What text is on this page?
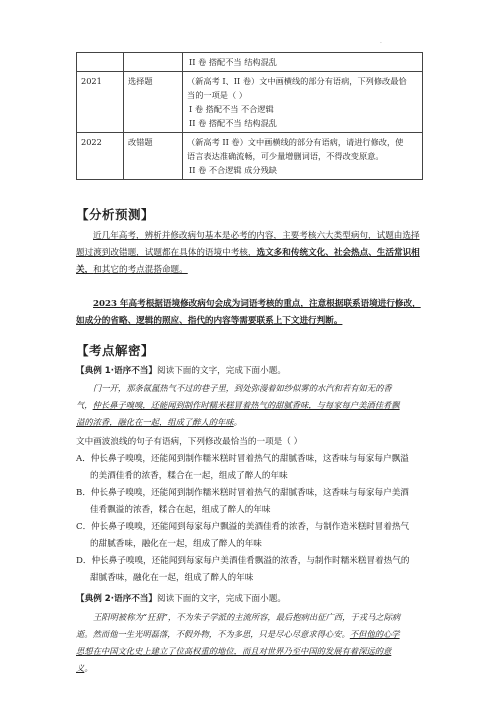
·

		II 卷 搭配不当 结构混乱

2021	选择题	（新高考 I、II 卷）文中画横线的部分有语病，下列修改最恰
当的一项是（ ）
I 卷 搭配不当 不合逻辑
II 卷 搭配不当 结构混乱

2022	改错题	（新高考 II 卷）文中画横线的部分有语病，请进行修改，使
语言表达准确流畅，可少量增删词语，不得改变原意。
II 卷 不合逻辑 成分残缺
【分析预测】
近几年高考，辨析并修改病句基本是必考的内容，主要考核六大类型病句，试题由选择题过渡到改错题，试题都在具体的语境中考核，选文多和传统文化、社会热点、生活常识相关，和其它的考点混搭命题。
2023 年高考根据语境修改病句会成为词语考核的重点，注意根据联系语境进行修改，如成分的省略、逻辑的照应、指代的内容等需要联系上下文进行判断。
【考点解密】
【典例 1·语序不当】阅读下面的文字，完成下面小题。
门一开，那条氤氲热气不过的巷子里，到处弥漫着如纱似雾的水汽和若有如无的香
气，仲长鼻子嗅嗅，还能闻到制作时糯米糕冒着热气的甜腻香味，与每家每户美酒佳肴飘
溢的浓香，融化在一起，组成了醉人的年味。
文中画波浪线的句子有语病，下列修改最恰当的一项是（ ）
A．仲长鼻子嗅嗅，还能闻到制作糯米糕时冒着热气的甜腻香味，这香味与每家每户飘溢
的美酒佳肴的浓香，糅合在一起，组成了醉人的年味
B．仲长鼻子嗅嗅，还能闻到制作糯米糕时冒着热气的甜腻香味，这香味与每家每户美酒
佳肴飘溢的浓香，糅合在起，组成了醉人的年味
C．仲长鼻子嗅嗅，还能闻到每家每户飘溢的美酒佳肴的浓香，与制作造米糕时冒着热气
的甜腻香味，融化在一起，组成了醉人的年味
D．仲长鼻子嗅嗅，还能闻到每家每户美酒佳肴飘溢的浓香，与制作时糯米糕冒着热气的
甜腻香味，融化在一起，组成了醉人的年味
【典例 2·语序不当】阅读下面的文字，完成下面小题。
王阳明被称为“狂狷”，不为朱子学派的主流所容，最后抱病出征广西，于戎马之际病
逝。然而他一生光明磊落，不假外物，不为多思，只是尽心尽意求得心安。不但他的心学
思想在中国文化史上建立了位高权重的地位，而且对世界乃至中国的发展有着深远的意
义。
